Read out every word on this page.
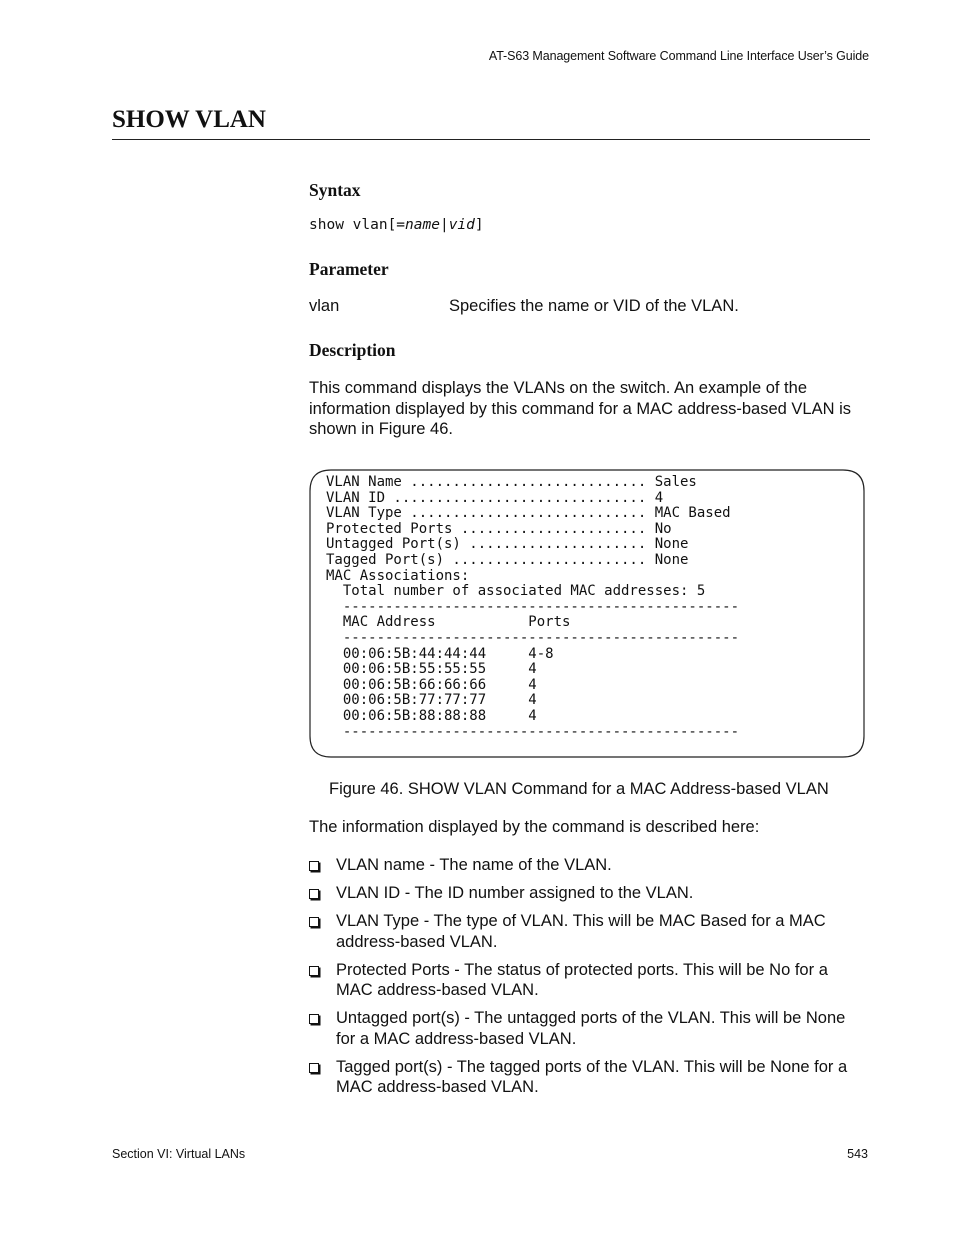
AT-S63 Management Software Command Line Interface User’s Guide
SHOW VLAN
Syntax
show vlan[=name|vid]
Parameter
vlan	Specifies the name or VID of the VLAN.
Description
This command displays the VLANs on the switch. An example of the
information displayed by this command for a MAC address-based VLAN is
shown in Figure 46.
VLAN Name ............................ Sales
VLAN ID .............................. 4
VLAN Type ............................ MAC Based
Protected Ports ...................... No
Untagged Port(s) ..................... None
Tagged Port(s) ....................... None
MAC Associations:
Total number of associated MAC addresses: 5
-----------------------------------------------
MAC Address           Ports
-----------------------------------------------
00:06:5B:44:44:44     4-8
00:06:5B:55:55:55     4
00:06:5B:66:66:66     4
00:06:5B:77:77:77     4
00:06:5B:88:88:88     4
-----------------------------------------------
Figure 46. SHOW VLAN Command for a MAC Address-based VLAN
The information displayed by the command is described here:
VLAN name - The name of the VLAN.
VLAN ID - The ID number assigned to the VLAN.
VLAN Type - The type of VLAN. This will be MAC Based for a MAC
address-based VLAN.
Protected Ports - The status of protected ports. This will be No for a
MAC address-based VLAN.
Untagged port(s) - The untagged ports of the VLAN. This will be None
for a MAC address-based VLAN.
Tagged port(s) - The tagged ports of the VLAN. This will be None for a
MAC address-based VLAN.
Section VI: Virtual LANs	543
